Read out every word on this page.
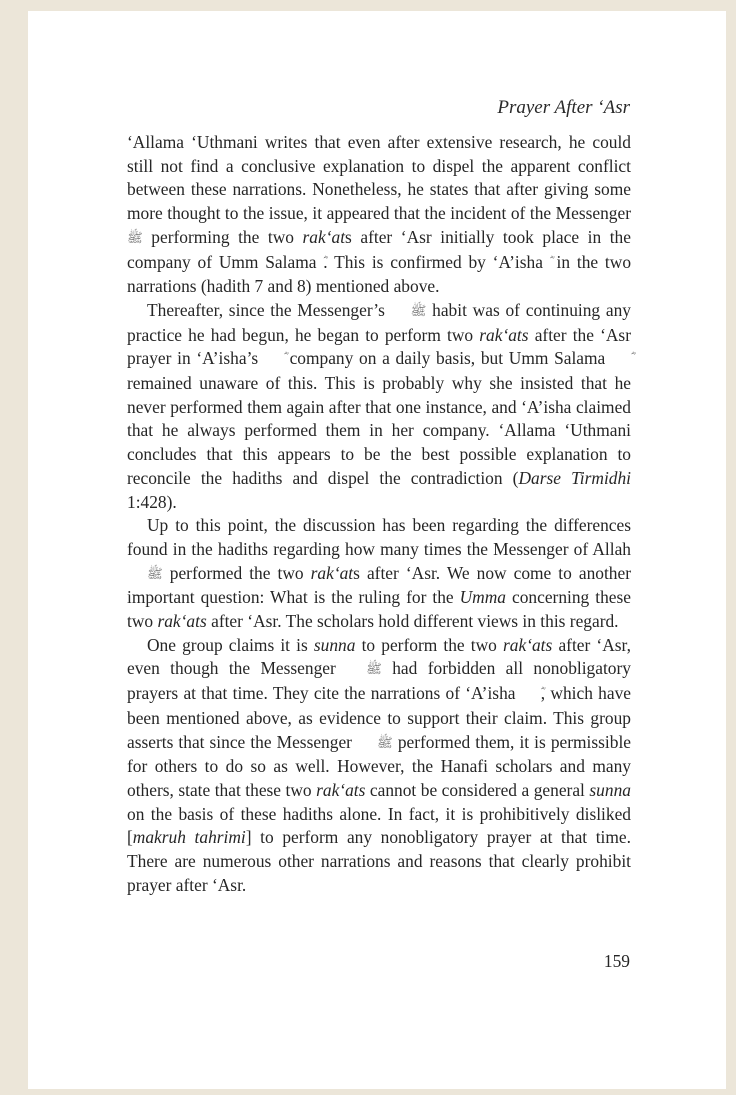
Prayer After ‘Asr

‘Allama ‘Uthmani writes that even after extensive research, he could still not find a conclusive explanation to dispel the apparent conflict between these narrations. Nonetheless, he states that after giving some more thought to the issue, it appeared that the incident of the Messenger ﷺ performing the two rak‘ats after ‘Asr initially took place in the company of Umm Salama . This is confirmed by ‘A’isha in the two narrations (hadith 7 and 8) mentioned above.

Thereafter, since the Messenger’s ﷺ habit was of continuing any practice he had begun, he began to perform two rak‘ats after the ‘Asr prayer in ‘A’isha’s company on a daily basis, but Umm Salama  remained unaware of this. This is probably why she insisted that he never performed them again after that one instance, and ‘A’isha claimed that he always performed them in her company. ‘Allama ‘Uthmani concludes that this appears to be the best possible explanation to reconcile the hadiths and dispel the contradiction (Darse Tirmidhi 1:428).

Up to this point, the discussion has been regarding the differences found in the hadiths regarding how many times the Messenger of Allah ﷺ performed the two rak‘ats after ‘Asr. We now come to another important question: What is the ruling for the Umma concerning these two rak‘ats after ‘Asr. The scholars hold different views in this regard.

One group claims it is sunna to perform the two rak‘ats after ‘Asr, even though the Messenger ﷺ had forbidden all nonobligatory prayers at that time. They cite the narrations of ‘A’isha , which have been mentioned above, as evidence to support their claim. This group asserts that since the Messenger ﷺ performed them, it is permissible for others to do so as well. However, the Hanafi scholars and many others, state that these two rak‘ats cannot be considered a general sunna on the basis of these hadiths alone. In fact, it is prohibitively disliked [makruh tahrimi] to perform any nonobligatory prayer at that time. There are numerous other narrations and reasons that clearly prohibit prayer after ‘Asr.

159
